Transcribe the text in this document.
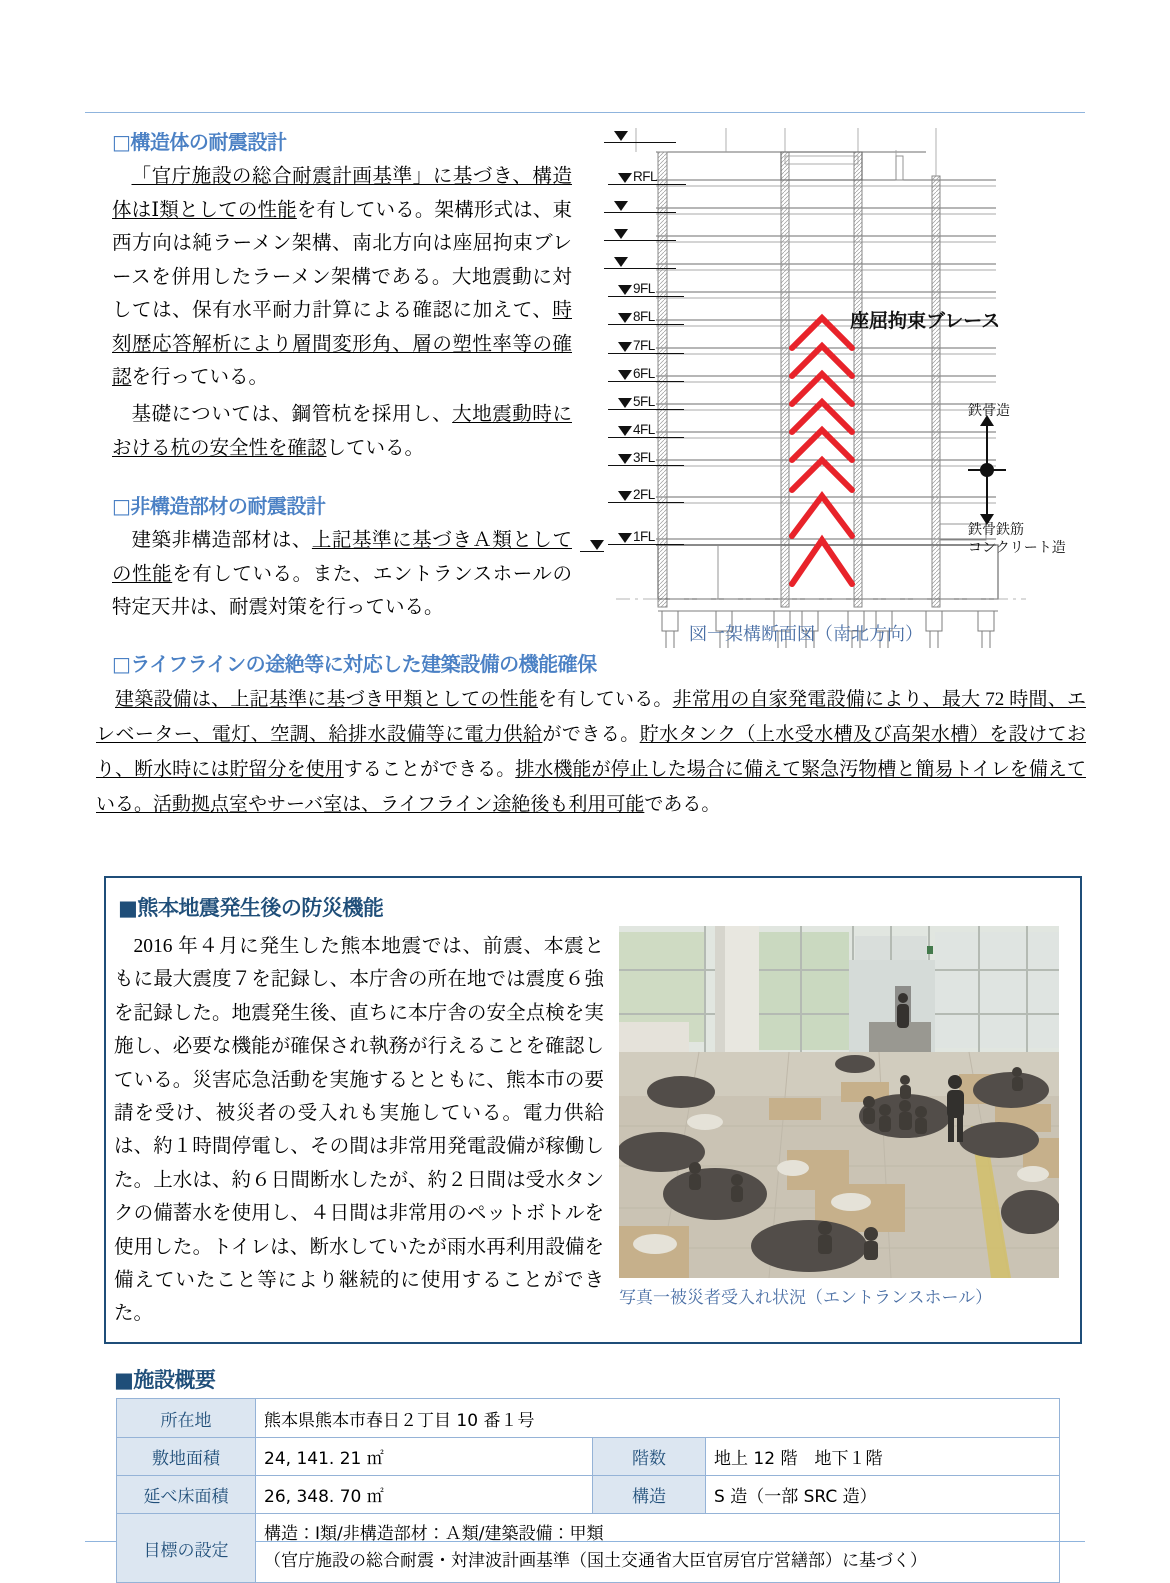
□構造体の耐震設計

「官庁施設の総合耐震計画基準」に基づき、構造体はⅠ類としての性能を有している。架構形式は、東西方向は純ラーメン架構、南北方向は座屈拘束ブレースを併用したラーメン架構である。大地震動に対しては、保有水平耐力計算による確認に加えて、時刻歴応答解析により層間変形角、層の塑性率等の確認を行っている。

基礎については、鋼管杭を採用し、大地震動時における杭の安全性を確認している。

□非構造部材の耐震設計

建築非構造部材は、上記基準に基づきＡ類としての性能を有している。また、エントランスホールの特定天井は、耐震対策を行っている。

□ライフラインの途絶等に対応した建築設備の機能確保

建築設備は、上記基準に基づき甲類としての性能を有している。非常用の自家発電設備により、最大 72 時間、エレベーター、電灯、空調、給排水設備等に電力供給ができる。貯水タンク（上水受水槽及び高架水槽）を設けており、断水時には貯留分を使用することができる。排水機能が停止した場合に備えて緊急汚物槽と簡易トイレを備えている。活動拠点室やサーバ室は、ライフライン途絶後も利用可能である。

RFL
9FL
8FL
7FL
6FL
5FL
4FL
3FL
2FL
1FL
座屈拘束ブレース
鉄骨造
鉄骨鉄筋
コンクリート造
図一架構断面図（南北方向）
■熊本地震発生後の防災機能

2016 年４月に発生した熊本地震では、前震、本震ともに最大震度７を記録し、本庁舎の所在地では震度６強を記録した。地震発生後、直ちに本庁舎の安全点検を実施し、必要な機能が確保され執務が行えることを確認している。災害応急活動を実施するとともに、熊本市の要請を受け、被災者の受入れも実施している。電力供給は、約１時間停電し、その間は非常用発電設備が稼働した。上水は、約６日間断水したが、約２日間は受水タンクの備蓄水を使用し、４日間は非常用のペットボトルを使用した。トイレは、断水していたが雨水再利用設備を備えていたこと等により継続的に使用することができた。

写真一被災者受入れ状況（エントランスホール）
■施設概要
所在地	熊本県熊本市春日２丁目 10 番１号		
敷地面積	24, 141. 21 ㎡	階数	地上 12 階　地下１階
延べ床面積	26, 348. 70 ㎡	構造	S 造（一部 SRC 造）
目標の設定	構造：Ⅰ類/非構造部材：Ａ類/建築設備：甲類
（官庁施設の総合耐震・対津波計画基準（国土交通省大臣官房官庁営繕部）に基づく）		
